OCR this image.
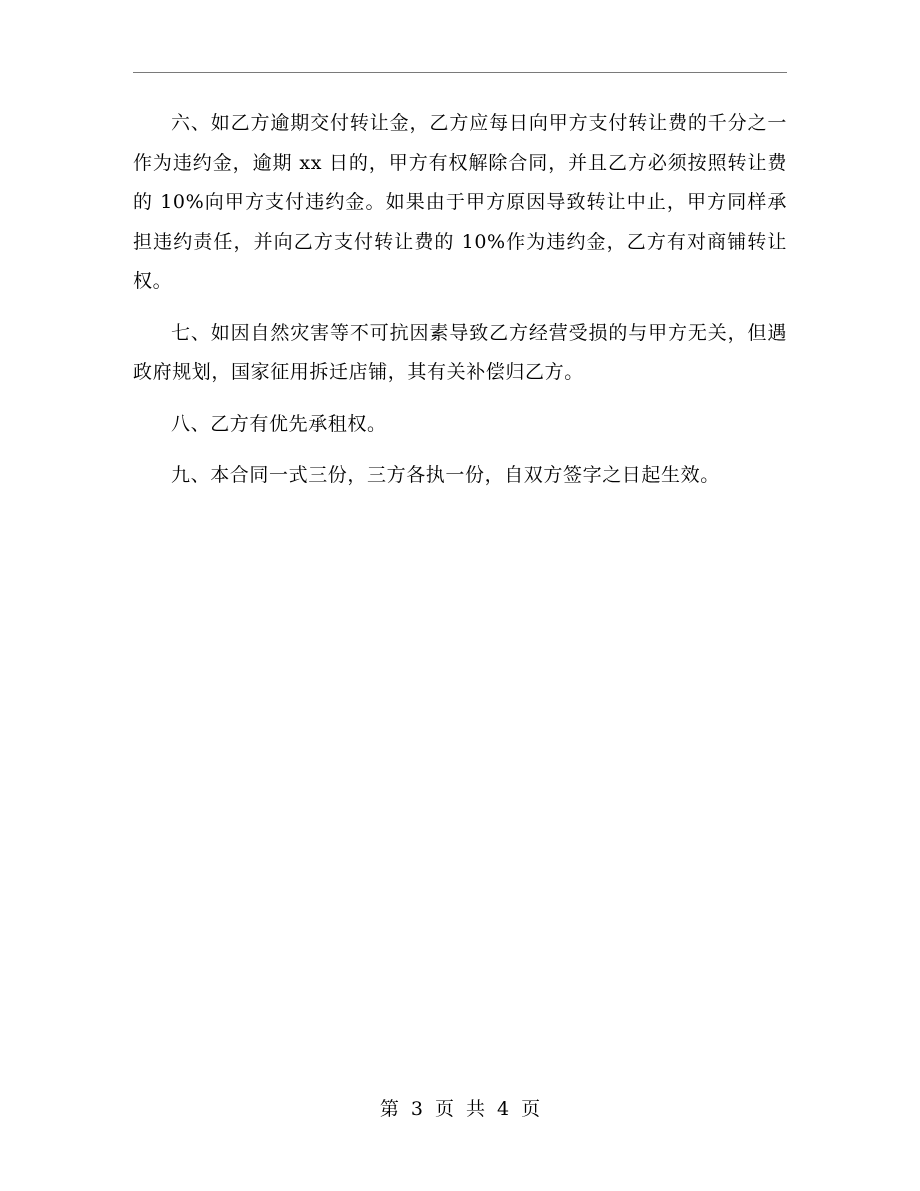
六、如乙方逾期交付转让金，乙方应每日向甲方支付转让费的千分之一作为违约金，逾期 xx 日的，甲方有权解除合同，并且乙方必须按照转让费的 10%向甲方支付违约金。如果由于甲方原因导致转让中止，甲方同样承担违约责任，并向乙方支付转让费的 10%作为违约金，乙方有对商铺转让权。

七、如因自然灾害等不可抗因素导致乙方经营受损的与甲方无关，但遇政府规划，国家征用拆迁店铺，其有关补偿归乙方。

八、乙方有优先承租权。

九、本合同一式三份，三方各执一份，自双方签字之日起生效。

第 3 页 共 4 页
